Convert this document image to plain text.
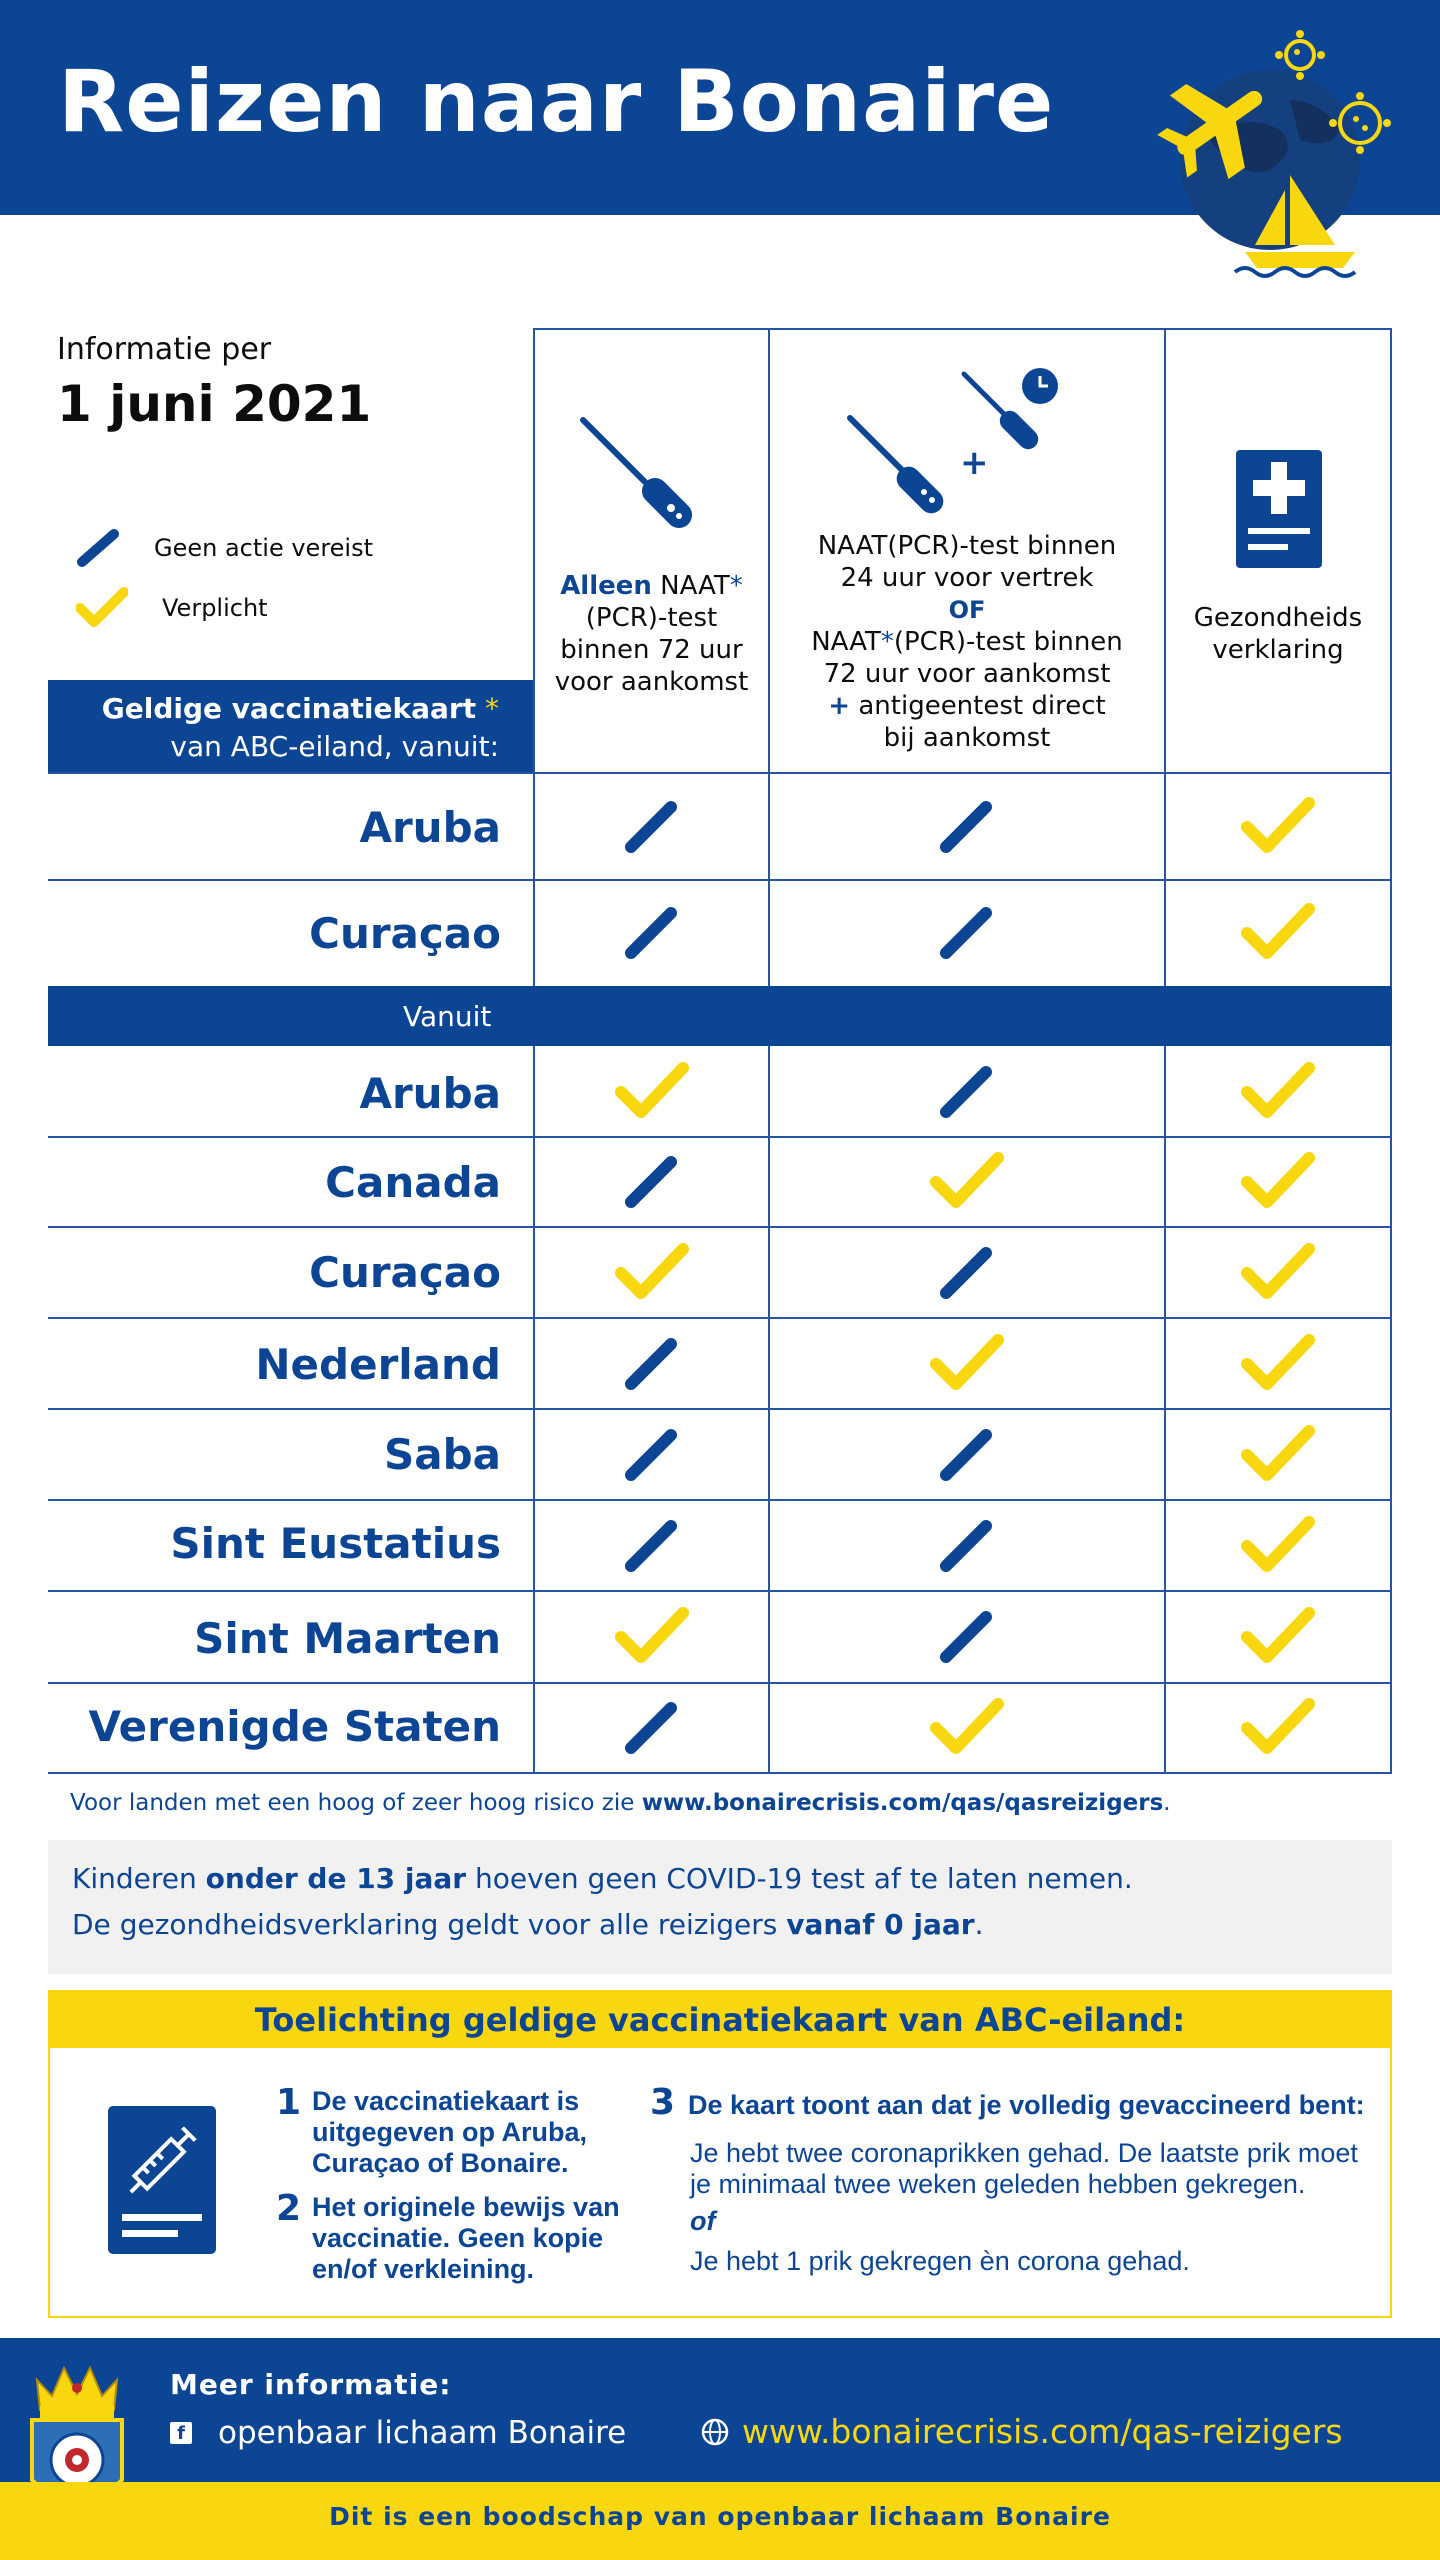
Reizen naar Bonaire
Informatie per
1 juni 2021
Geen actie vereist
Verplicht
Alleen NAAT*
(PCR)-test
binnen 72 uur
voor aankomst
+
NAAT(PCR)-test binnen
24 uur voor vertrek
OF
NAAT*(PCR)-test binnen
72 uur voor aankomst
+ antigeentest direct
bij aankomst
Gezondheids
verklaring
Geldige vaccinatiekaart *
van ABC-eiland, vanuit:
Vanuit
Aruba
Curaçao
Aruba
Canada
Curaçao
Nederland
Saba
Sint Eustatius
Sint Maarten
Verenigde Staten
Voor landen met een hoog of zeer hoog risico zie www.bonairecrisis.com/qas/qasreizigers.

Kinderen onder de 13 jaar hoeven geen COVID-19 test af te laten nemen.

De gezondheidsverklaring geldt voor alle reizigers vanaf 0 jaar.

Toelichting geldige vaccinatiekaart van ABC-eiland:
1 De vaccinatiekaart is
uitgegeven op Aruba,
Curaçao of Bonaire.
2 Het originele bewijs van
vaccinatie. Geen kopie
en/of verkleining.
3 De kaart toont aan dat je volledig gevaccineerd bent:
Je hebt twee coronaprikken gehad. De laatste prik moet
je minimaal twee weken geleden hebben gekregen.
of
Je hebt 1 prik gekregen èn corona gehad.
Meer informatie:
f openbaar lichaam Bonaire	www.bonairecrisis.com/qas-reizigers
Dit is een boodschap van openbaar lichaam Bonaire
